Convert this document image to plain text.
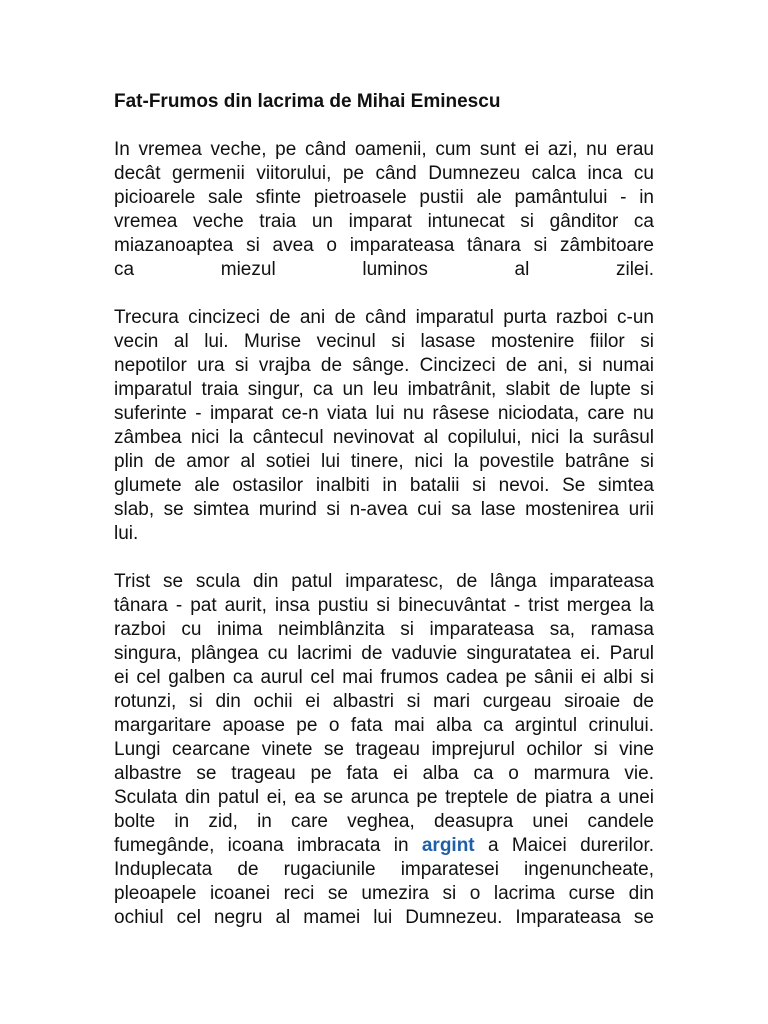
Fat-Frumos din lacrima de Mihai Eminescu

In vremea veche, pe când oamenii, cum sunt ei azi, nu erau
decât germenii viitorului, pe când Dumnezeu calca inca cu
picioarele sale sfinte pietroasele pustii ale pamântului - in
vremea veche traia un imparat intunecat si gânditor ca
miazanoaptea si avea o imparateasa tânara si zâmbitoare
ca miezul luminos al zilei.

Trecura cincizeci de ani de când imparatul purta razboi c-un
vecin al lui. Murise vecinul si lasase mostenire fiilor si
nepotilor ura si vrajba de sânge. Cincizeci de ani, si numai
imparatul traia singur, ca un leu imbatrânit, slabit de lupte si
suferinte - imparat ce-n viata lui nu râsese niciodata, care nu
zâmbea nici la cântecul nevinovat al copilului, nici la surâsul
plin de amor al sotiei lui tinere, nici la povestile batrâne si
glumete ale ostasilor inalbiti in batalii si nevoi. Se simtea
slab, se simtea murind si n-avea cui sa lase mostenirea urii
lui.

Trist se scula din patul imparatesc, de lânga imparateasa
tânara - pat aurit, insa pustiu si binecuvântat - trist mergea la
razboi cu inima neimblânzita si imparateasa sa, ramasa
singura, plângea cu lacrimi de vaduvie singuratatea ei. Parul
ei cel galben ca aurul cel mai frumos cadea pe sânii ei albi si
rotunzi, si din ochii ei albastri si mari curgeau siroaie de
margaritare apoase pe o fata mai alba ca argintul crinului.
Lungi cearcane vinete se trageau imprejurul ochilor si vine
albastre se trageau pe fata ei alba ca o marmura vie.
Sculata din patul ei, ea se arunca pe treptele de piatra a unei
bolte in zid, in care veghea, deasupra unei candele
fumegânde, icoana imbracata in argint a Maicei durerilor.
Induplecata de rugaciunile imparatesei ingenuncheate,
pleoapele icoanei reci se umezira si o lacrima curse din
ochiul cel negru al mamei lui Dumnezeu. Imparateasa se
